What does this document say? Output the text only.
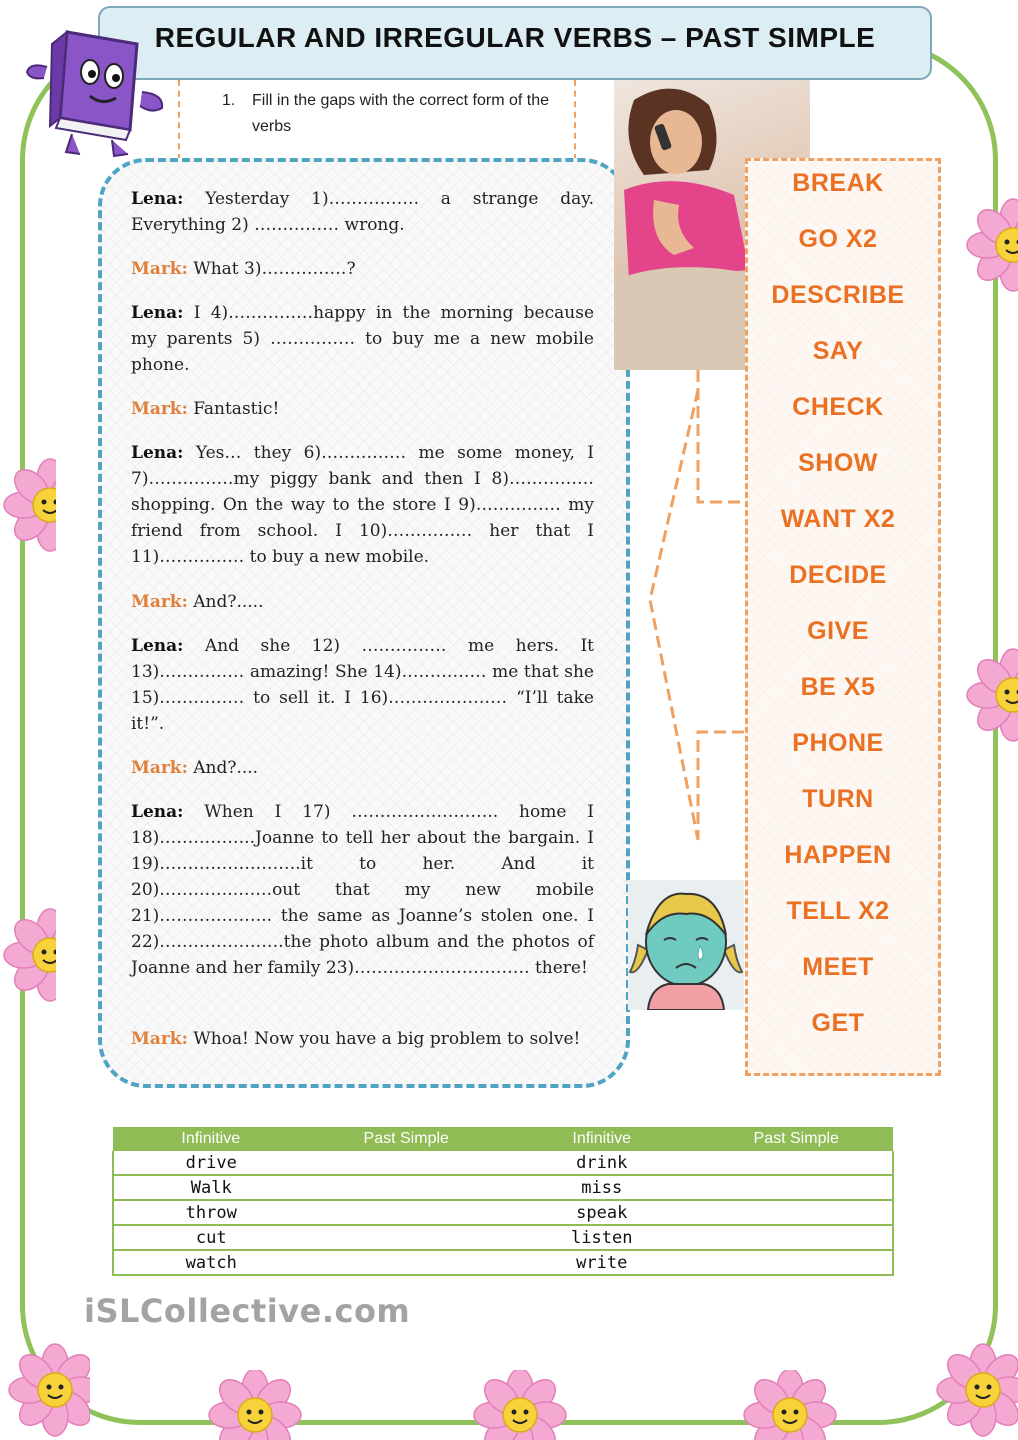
REGULAR AND IRREGULAR VERBS – PAST SIMPLE
1. Fill in the gaps with the correct form of the verbs
Lena: Yesterday 1)……………. a strange day. Everything 2) …………… wrong.
Mark: What 3)……………?
Lena: I 4)……………happy in the morning because my parents 5) …………… to buy me a new mobile phone.
Mark: Fantastic!
Lena: Yes… they 6)…………… me some money, I 7)……………my piggy bank and then I 8)…………… shopping. On the way to the store I 9)…………… my friend from school. I 10)…………… her that I 11)…………… to buy a new mobile.
Mark: And?.....
Lena: And she 12) …………… me hers. It 13)…………… amazing! She 14)…………… me that she 15)…………… to sell it. I 16)………………… “I’ll take it!”.
Mark: And?....
Lena: When I 17) …………………….. home I 18)……………..Joanne to tell her about the bargain. I 19)…………………….it to her. And it 20)………….…….out that my new mobile 21)……………….. the same as Joanne’s stolen one. I 22)………………….the photo album and the photos of Joanne and her family 23)…………………………. there!
Mark: Whoa! Now you have a big problem to solve!
BREAK
GO X2
DESCRIBE
SAY
CHECK
SHOW
WANT X2
DECIDE
GIVE
BE X5
PHONE
TURN
HAPPEN
TELL X2
MEET
GET
Infinitive	Past Simple	Infinitive	Past Simple
drive		drink	
Walk		miss	
throw		speak	
cut		listen	
watch		write	
iSLCollective.com
